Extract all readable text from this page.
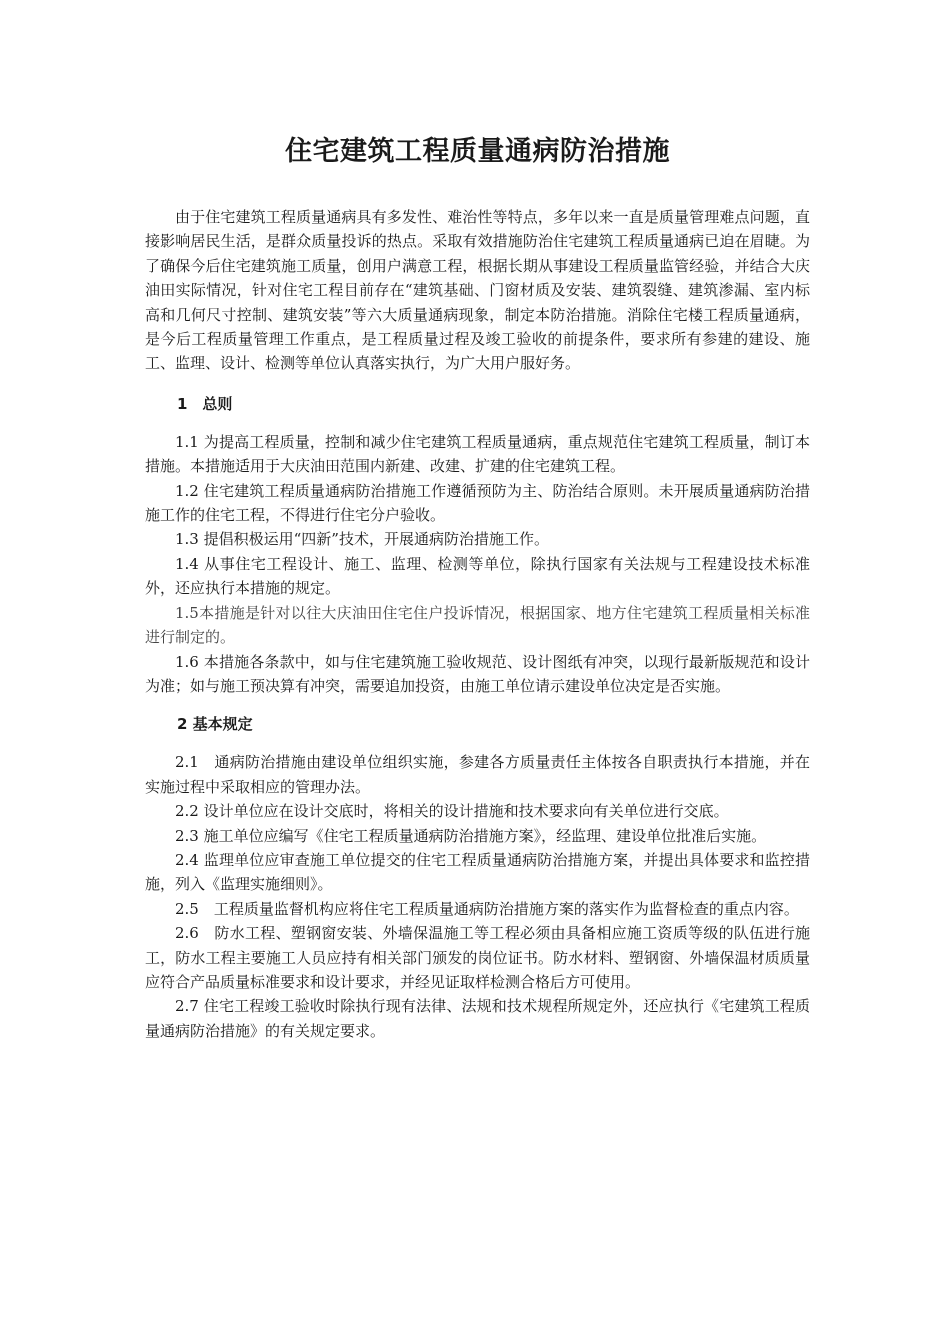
住宅建筑工程质量通病防治措施

由于住宅建筑工程质量通病具有多发性、难治性等特点，多年以来一直是质量管理难点问题，直接影响居民生活，是群众质量投诉的热点。采取有效措施防治住宅建筑工程质量通病已迫在眉睫。为了确保今后住宅建筑施工质量，创用户满意工程，根据长期从事建设工程质量监管经验，并结合大庆油田实际情况，针对住宅工程目前存在“建筑基础、门窗材质及安装、建筑裂缝、建筑渗漏、室内标高和几何尺寸控制、建筑安装”等六大质量通病现象，制定本防治措施。消除住宅楼工程质量通病，是今后工程质量管理工作重点，是工程质量过程及竣工验收的前提条件，要求所有参建的建设、施工、监理、设计、检测等单位认真落实执行，为广大用户服好务。

1　总则

1.1 为提高工程质量，控制和减少住宅建筑工程质量通病，重点规范住宅建筑工程质量，制订本措施。本措施适用于大庆油田范围内新建、改建、扩建的住宅建筑工程。

1.2 住宅建筑工程质量通病防治措施工作遵循预防为主、防治结合原则。未开展质量通病防治措施工作的住宅工程，不得进行住宅分户验收。

1.3 提倡积极运用“四新”技术，开展通病防治措施工作。

1.4 从事住宅工程设计、施工、监理、检测等单位，除执行国家有关法规与工程建设技术标准外，还应执行本措施的规定。

1.5本措施是针对以往大庆油田住宅住户投诉情况，根据国家、地方住宅建筑工程质量相关标准进行制定的。

1.6 本措施各条款中，如与住宅建筑施工验收规范、设计图纸有冲突，以现行最新版规范和设计为准；如与施工预决算有冲突，需要追加投资，由施工单位请示建设单位决定是否实施。

2 基本规定

2.1　通病防治措施由建设单位组织实施，参建各方质量责任主体按各自职责执行本措施，并在实施过程中采取相应的管理办法。

2.2 设计单位应在设计交底时，将相关的设计措施和技术要求向有关单位进行交底。

2.3 施工单位应编写《住宅工程质量通病防治措施方案》，经监理、建设单位批准后实施。

2.4 监理单位应审查施工单位提交的住宅工程质量通病防治措施方案，并提出具体要求和监控措施，列入《监理实施细则》。

2.5　工程质量监督机构应将住宅工程质量通病防治措施方案的落实作为监督检查的重点内容。

2.6　防水工程、塑钢窗安装、外墙保温施工等工程必须由具备相应施工资质等级的队伍进行施工，防水工程主要施工人员应持有相关部门颁发的岗位证书。防水材料、塑钢窗、外墙保温材质质量应符合产品质量标准要求和设计要求，并经见证取样检测合格后方可使用。

2.7 住宅工程竣工验收时除执行现有法律、法规和技术规程所规定外，还应执行《宅建筑工程质量通病防治措施》的有关规定要求。
